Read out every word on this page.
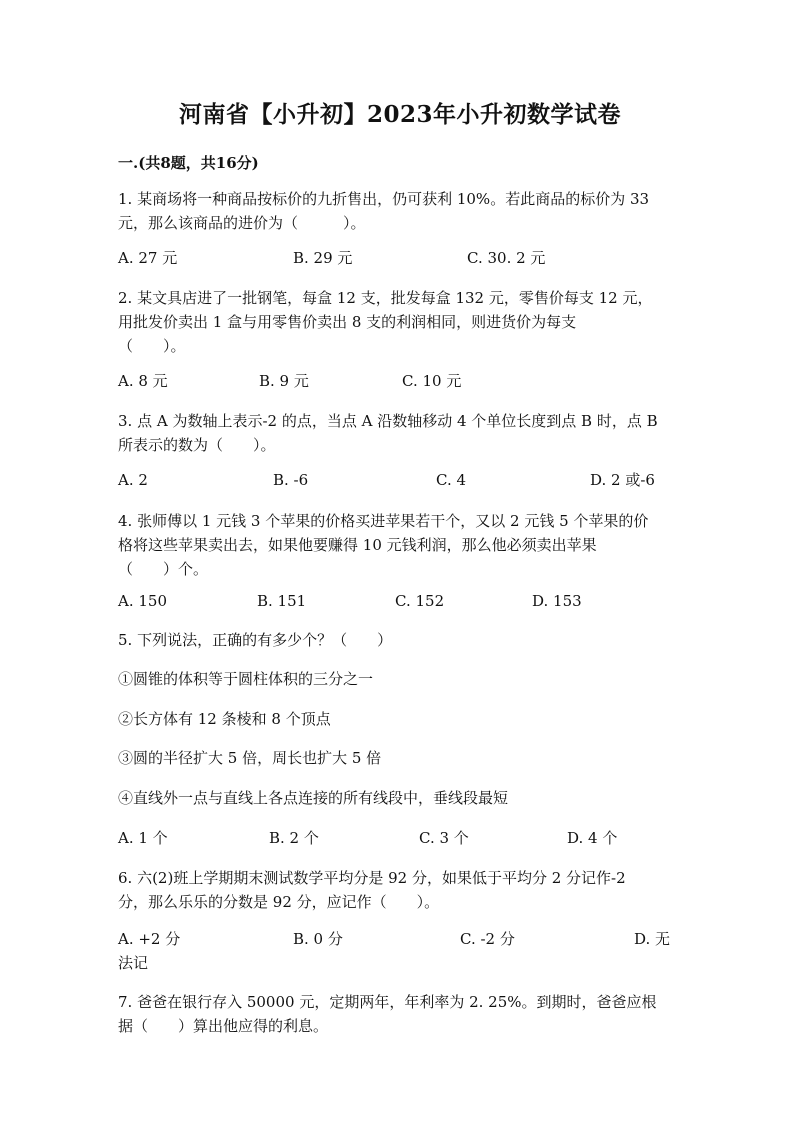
河南省【小升初】2023年小升初数学试卷
一.(共8题，共16分)
1. 某商场将一种商品按标价的九折售出，仍可获利 10%。若此商品的标价为 33
元，那么该商品的进价为（　　　）。
A. 27 元	B. 29 元	C. 30. 2 元
2. 某文具店进了一批钢笔，每盒 12 支，批发每盒 132 元，零售价每支 12 元，
用批发价卖出 1 盒与用零售价卖出 8 支的利润相同，则进货价为每支
（　　）。
A. 8 元	B. 9 元	C. 10 元
3. 点 A 为数轴上表示-2 的点，当点 A 沿数轴移动 4 个单位长度到点 B 时，点 B
所表示的数为（　　）。
A. 2	B. -6	C. 4	D. 2 或-6
4. 张师傅以 1 元钱 3 个苹果的价格买进苹果若干个，又以 2 元钱 5 个苹果的价
格将这些苹果卖出去，如果他要赚得 10 元钱利润，那么他必须卖出苹果
（　　）个。
A. 150	B. 151	C. 152	D. 153
5. 下列说法，正确的有多少个？（　　）
①圆锥的体积等于圆柱体积的三分之一
②长方体有 12 条棱和 8 个顶点
③圆的半径扩大 5 倍，周长也扩大 5 倍
④直线外一点与直线上各点连接的所有线段中，垂线段最短
A. 1 个	B. 2 个	C. 3 个	D. 4 个
6. 六(2)班上学期期末测试数学平均分是 92 分，如果低于平均分 2 分记作-2
分，那么乐乐的分数是 92 分，应记作（　　）。
A. +2 分	B. 0 分	C. -2 分	D. 无
法记
7. 爸爸在银行存入 50000 元，定期两年，年利率为 2. 25%。到期时，爸爸应根
据（　　）算出他应得的利息。
